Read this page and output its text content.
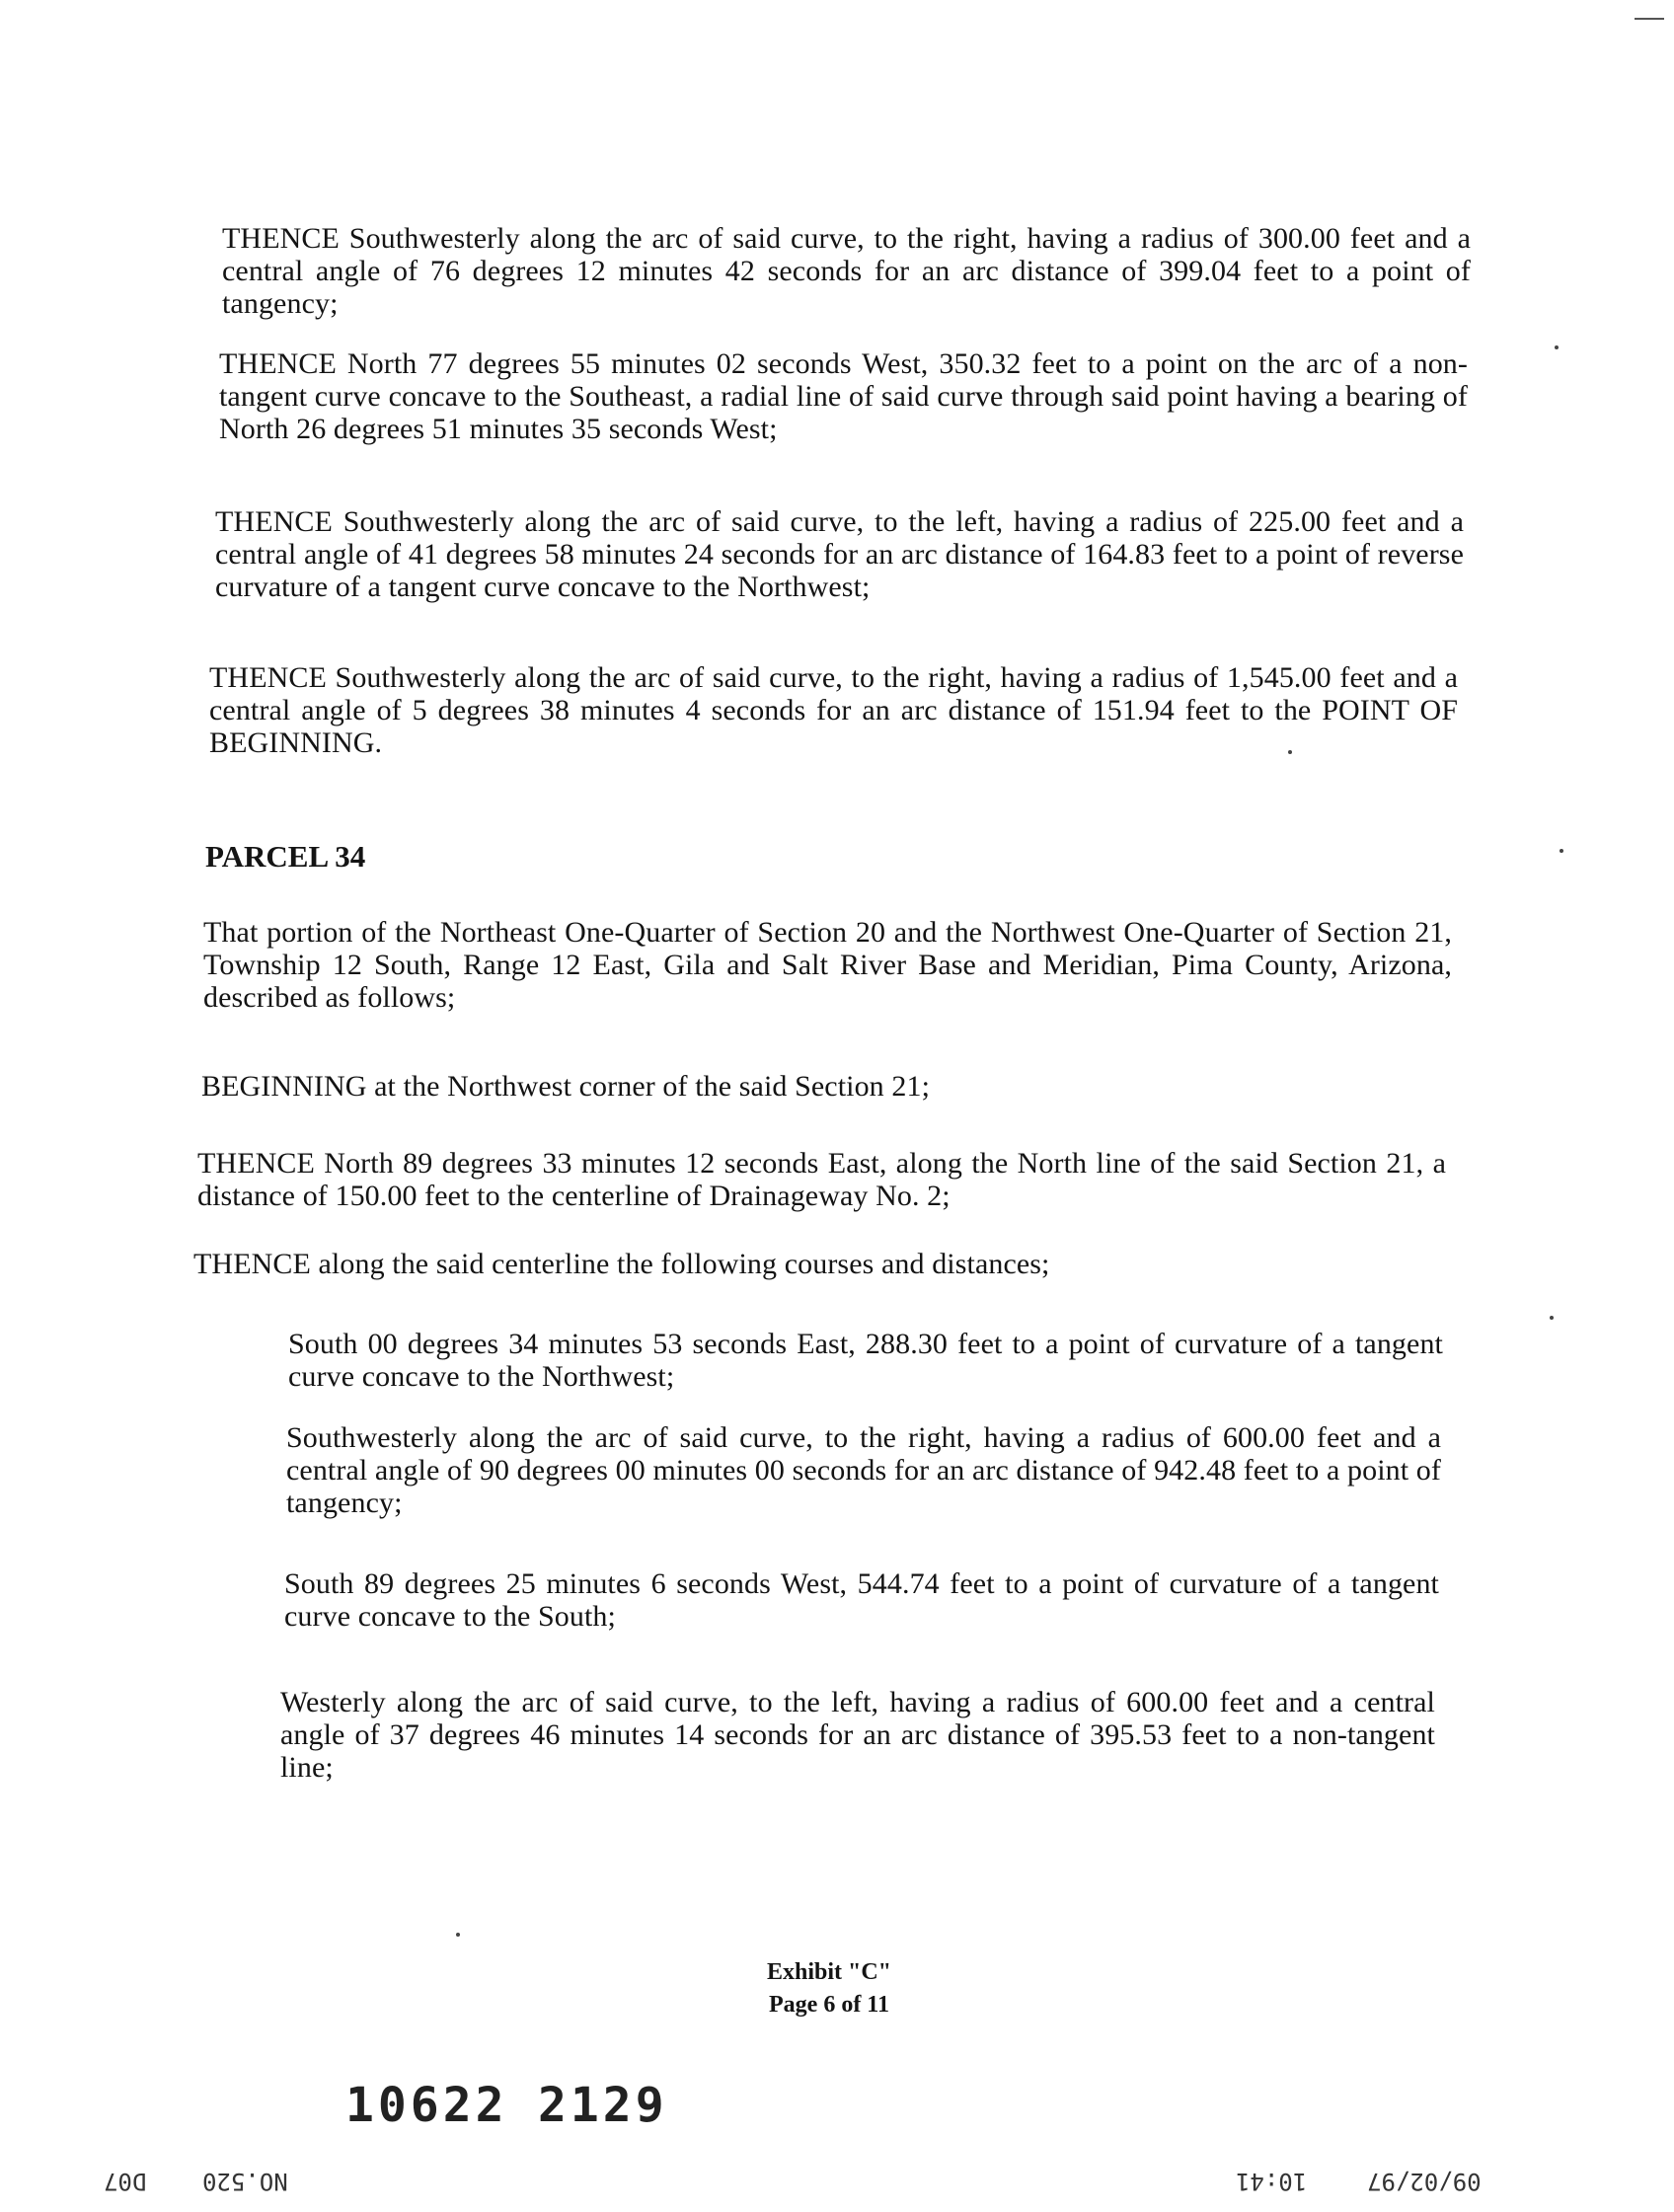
THENCE Southwesterly along the arc of said curve, to the right, having a radius of 300.00 feet and a central angle of 76 degrees 12 minutes 42 seconds for an arc distance of 399.04 feet to a point of tangency;

THENCE North 77 degrees 55 minutes 02 seconds West, 350.32 feet to a point on the arc of a non-tangent curve concave to the Southeast, a radial line of said curve through said point having a bearing of North 26 degrees 51 minutes 35 seconds West;

THENCE Southwesterly along the arc of said curve, to the left, having a radius of 225.00 feet and a central angle of 41 degrees 58 minutes 24 seconds for an arc distance of 164.83 feet to a point of reverse curvature of a tangent curve concave to the Northwest;

THENCE Southwesterly along the arc of said curve, to the right, having a radius of 1,545.00 feet and a central angle of 5 degrees 38 minutes 4 seconds for an arc distance of 151.94 feet to the POINT OF BEGINNING.

PARCEL 34

That portion of the Northeast One-Quarter of Section 20 and the Northwest One-Quarter of Section 21, Township 12 South, Range 12 East, Gila and Salt River Base and Meridian, Pima County, Arizona, described as follows;

BEGINNING at the Northwest corner of the said Section 21;

THENCE North 89 degrees 33 minutes 12 seconds East, along the North line of the said Section 21, a distance of 150.00 feet to the centerline of Drainageway No. 2;

THENCE along the said centerline the following courses and distances;

South 00 degrees 34 minutes 53 seconds East, 288.30 feet to a point of curvature of a tangent curve concave to the Northwest;

Southwesterly along the arc of said curve, to the right, having a radius of 600.00 feet and a central angle of 90 degrees 00 minutes 00 seconds for an arc distance of 942.48 feet to a point of tangency;

South 89 degrees 25 minutes 6 seconds West, 544.74 feet to a point of curvature of a tangent curve concave to the South;

Westerly along the arc of said curve, to the left, having a radius of 600.00 feet and a central angle of 37 degrees 46 minutes 14 seconds for an arc distance of 395.53 feet to a non-tangent line;

Exhibit "C"
Page 6 of 11
10622 2129
D07 NO.520	10:41	09/02/97
